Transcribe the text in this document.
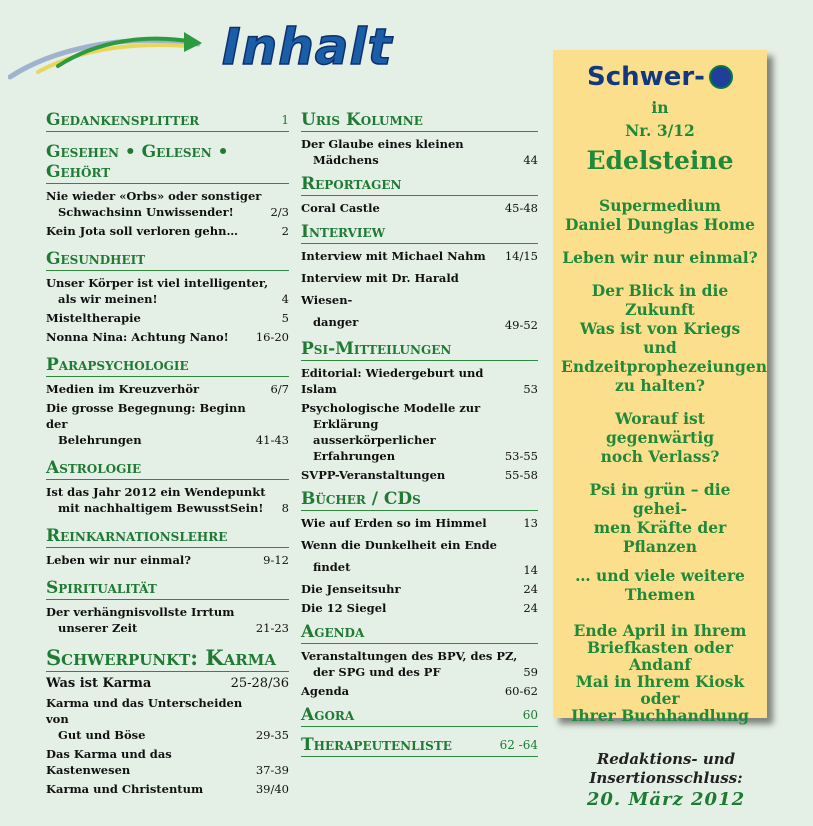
Inhalt
Gedankensplitter	1
Gesehen • Gelesen • Gehört
Nie wieder «Orbs» oder sonstiger
Schwachsinn Unwissender!	2/3
Kein Jota soll verloren gehn…	2
Gesundheit
Unser Körper ist viel intelligenter,
als wir meinen!	4
Misteltherapie	5
Nonna Nina: Achtung Nano!	16-20
Parapsychologie
Medien im Kreuzverhör	6/7
Die grosse Begegnung: Beginn der
Belehrungen	41-43
Astrologie
Ist das Jahr 2012 ein Wendepunkt
mit nachhaltigem BewusstSein!	8
Reinkarnationslehre
Leben wir nur einmal?	9-12
Spiritualität
Der verhängnisvollste Irrtum
unserer Zeit	21-23
Schwerpunkt: Karma
Was ist Karma	25-28/36
Karma und das Unterscheiden von
Gut und Böse	29-35
Das Karma und das Kastenwesen	37-39
Karma und Christentum	39/40
Uris Kolumne
Der Glaube eines kleinen
Mädchens	44
Reportagen
Coral Castle	45-48
Interview
Interview mit Michael Nahm	14/15
Interview mit Dr. Harald Wiesen-
danger	49-52
Psi-Mitteilungen
Editorial: Wiedergeburt und Islam	53
Psychologische Modelle zur
Erklärung ausserkörperlicher
Erfahrungen	53-55
SVPP-Veranstaltungen	55-58
Bücher / CDs
Wie auf Erden so im Himmel	13
Wenn die Dunkelheit ein Ende
findet	14
Die Jenseitsuhr	24
Die 12 Siegel	24
Agenda
Veranstaltungen des BPV, des PZ,
der SPG und des PF	59
Agenda	60-62
Agora	60
Therapeutenliste	62 -64
Schwer-
in
Nr. 3/12
Edelsteine
Supermedium
Daniel Dunglas Home
Leben wir nur einmal?
Der Blick in die Zukunft
Was ist von Kriegs und
Endzeitprophezeiungen
zu halten?
Worauf ist gegenwärtig
noch Verlass?
Psi in grün – die gehei-
men Kräfte der Pflanzen
… und viele weitere
Themen
Ende April in Ihrem
Briefkasten oder Andanf
Mai in Ihrem Kiosk oder
Ihrer Buchhandlung
Redaktions- und
Insertionsschluss:
20. März 2012
